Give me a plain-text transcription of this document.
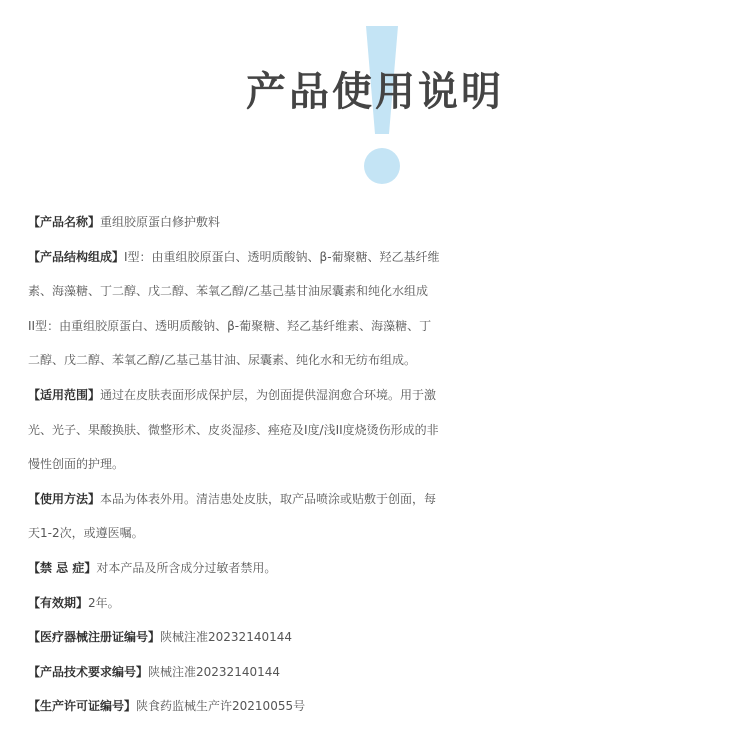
产品使用说明
【产品名称】重组胶原蛋白修护敷料
【产品结构组成】I型：由重组胶原蛋白、透明质酸钠、β-葡聚糖、羟乙基纤维
素、海藻糖、丁二醇、戊二醇、苯氧乙醇/乙基己基甘油尿囊素和纯化水组成
II型：由重组胶原蛋白、透明质酸钠、β-葡聚糖、羟乙基纤维素、海藻糖、丁
二醇、戊二醇、苯氧乙醇/乙基己基甘油、尿囊素、纯化水和无纺布组成。
【适用范围】通过在皮肤表面形成保护层，为创面提供湿润愈合环境。用于激
光、光子、果酸换肤、微整形术、皮炎湿疹、痤疮及I度/浅II度烧烫伤形成的非
慢性创面的护理。
【使用方法】本品为体表外用。清洁患处皮肤，取产品喷涂或贴敷于创面，每
天1-2次，或遵医嘱。
【禁 忌 症】对本产品及所含成分过敏者禁用。
【有效期】2年。
【医疗器械注册证编号】陕械注准20232140144
【产品技术要求编号】陕械注准20232140144
【生产许可证编号】陕食药监械生产许20210055号
